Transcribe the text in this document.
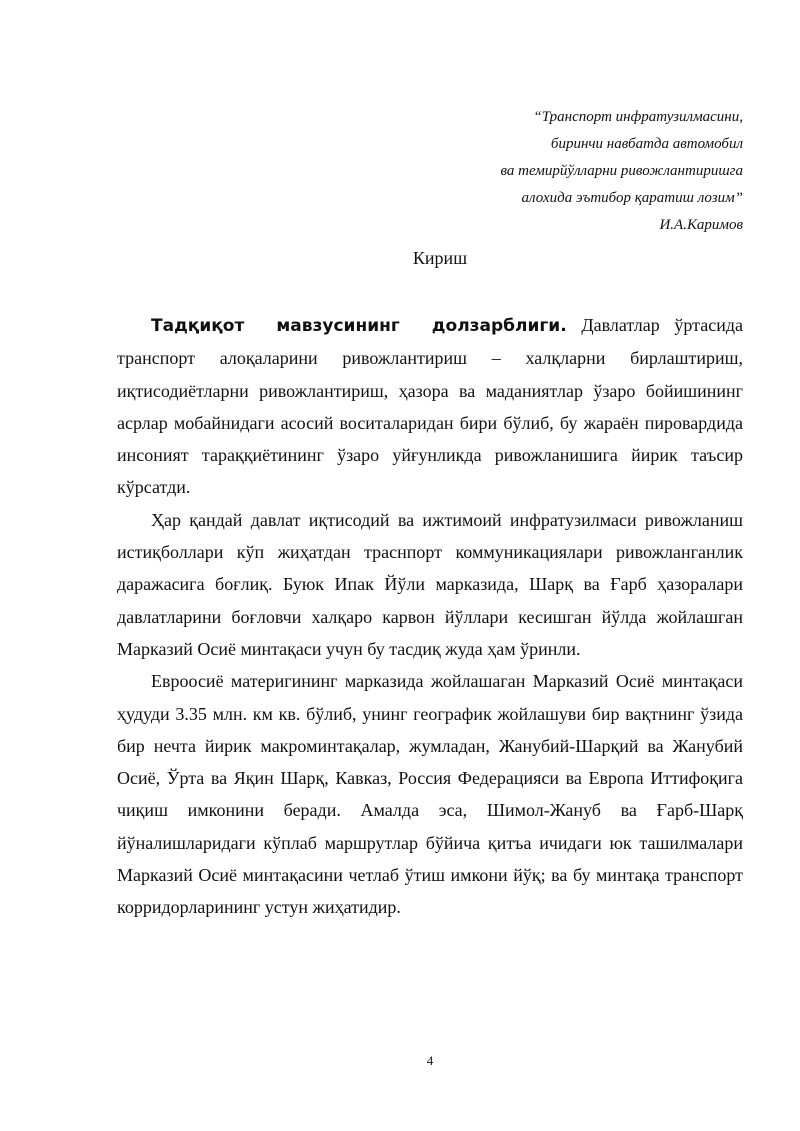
“Транспорт инфратузилмасини,
биринчи навбатда автомобил
ва темирйўлларни ривожлантиришга
алохида эътибор қаратиш лозим”
И.А.Каримов
Кириш

Тадқиқот мавзусининг долзарблиги. Давлатлар ўртасида транспорт алоқаларини ривожлантириш – халқларни бирлаштириш, иқтисодиётларни ривожлантириш, ҳазора ва маданиятлар ўзаро бойишининг асрлар мобайнидаги асосий воситаларидан бири бўлиб, бу жараён пировардида инсоният тараққиётининг ўзаро уйғунликда ривожланишига йирик таъсир кўрсатди.

Ҳар қандай давлат иқтисодий ва ижтимоий инфратузилмаси ривожланиш истиқболлари кўп жиҳатдан траснпорт коммуникациялари ривожланганлик даражасига боғлиқ. Буюк Ипак Йўли марказида, Шарқ ва Ғарб ҳазоралари давлатларини боғловчи халқаро карвон йўллари кесишган йўлда жойлашган Марказий Осиё минтақаси учун бу тасдиқ жуда ҳам ўринли.

Евроосиё материгининг марказида жойлашаган Марказий Осиё минтақаси ҳудуди 3.35 млн. км кв. бўлиб, унинг географик жойлашуви бир вақтнинг ўзида бир нечта йирик макроминтақалар, жумладан, Жанубий-Шарқий ва Жанубий Осиё, Ўрта ва Яқин Шарқ, Кавказ, Россия Федерацияси ва Европа Иттифоқига чиқиш имконини беради. Амалда эса, Шимол-Жануб ва Ғарб-Шарқ йўналишларидаги кўплаб маршрутлар бўйича қитъа ичидаги юк ташилмалари Марказий Осиё минтақасини четлаб ўтиш имкони йўқ; ва бу минтақа транспорт корридорларининг устун жиҳатидир.

4
